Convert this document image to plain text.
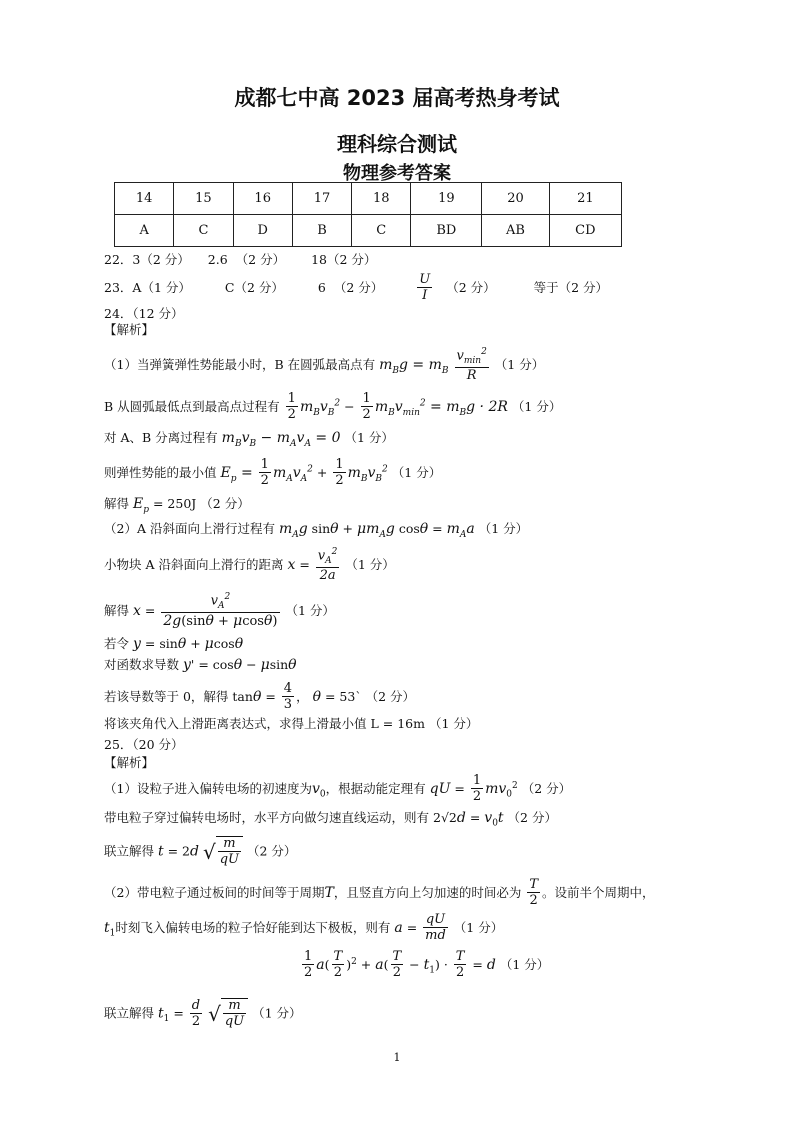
成都七中高 2023 届高考热身考试
理科综合测试
物理参考答案
14	15	16	17	18	19	20	21
A	C	D	B	C	BD	AB	CD
22．3（2 分） 2.6 （2 分） 18（2 分）
23．A（1 分）	C（2 分）	6 （2 分）	$\frac{U}{I} (2$ 分）	等于（2 分）
24．（12 分）
【解析】
（1）当弹簧弹性势能最小时，B 在圆弧最高点有 $m_Bg = m_B \frac{v_{min}^2}{R} (1$ 分）
B 从圆弧最低点到最高点过程有 $\frac{1}{2} m_Bv_B^2 - \frac{1}{2} m_Bv_{min}^2 = m_Bg \cdot 2R$ （1 分）
对 A、B 分离过程有 $m_Bv_B - m_Av_A = 0$ （1 分）
则弹性势能的最小值 $E_p = \frac{1}{2} m_Av_A^2 + \frac{1}{2} m_Bv_B^2$ （1 分）
解得 $E_p = 250J$ （2 分）
（2）A 沿斜面向上滑行过程有 $m_Ag$ $\sin\theta + \mu m_Ag$ $\cos\theta = m_Aa$ （1 分）
小物块 A 沿斜面向上滑行的距离 $x = \frac{v_A^2}{2a} (1$ 分）
解得 $x = \frac{v_A^2}{2g(\sin\theta + \mu\cos\theta)} (1$ 分）
若令 y = sinθ + μcosθ
对函数求导数 y' = cosθ − μsinθ
若该导数等于 0，解得 $\tan\theta = \frac{4}{3}$ ， θ = 53` （2 分）
将该夹角代入上滑距离表达式，求得上滑最小值 L = 16m （1 分）
25．（20 分）
【解析】
（1）设粒子进入偏转电场的初速度为$v_0$，根据动能定理有 qU = $\frac{1}{2} mv_0^2$ （2 分）
带电粒子穿过偏转电场时，水平方向做匀速直线运动，则有 $2√2d = v_0t$ （2 分）
联立解得 t = 2d √ $\frac{m}{qU} (2$ 分）
（2）带电粒子通过板间的时间等于周期T，且竖直方向上匀加速的时间必为 $\frac{T}{2}$ 。设前半个周期中，
$t_1$时刻飞入偏转电场的粒子恰好能到达下极板，则有 $a = \frac{qU}{md} (1$ 分）
$\frac{1}{2} a( \frac{T}{2} )^2 + a( \frac{T}{2} - t_1) \cdot \frac{T}{2} = d$ （1 分）
联立解得 $t_1 = \frac{d}{2}$ √ $\frac{m}{qU} (1$ 分）
1
